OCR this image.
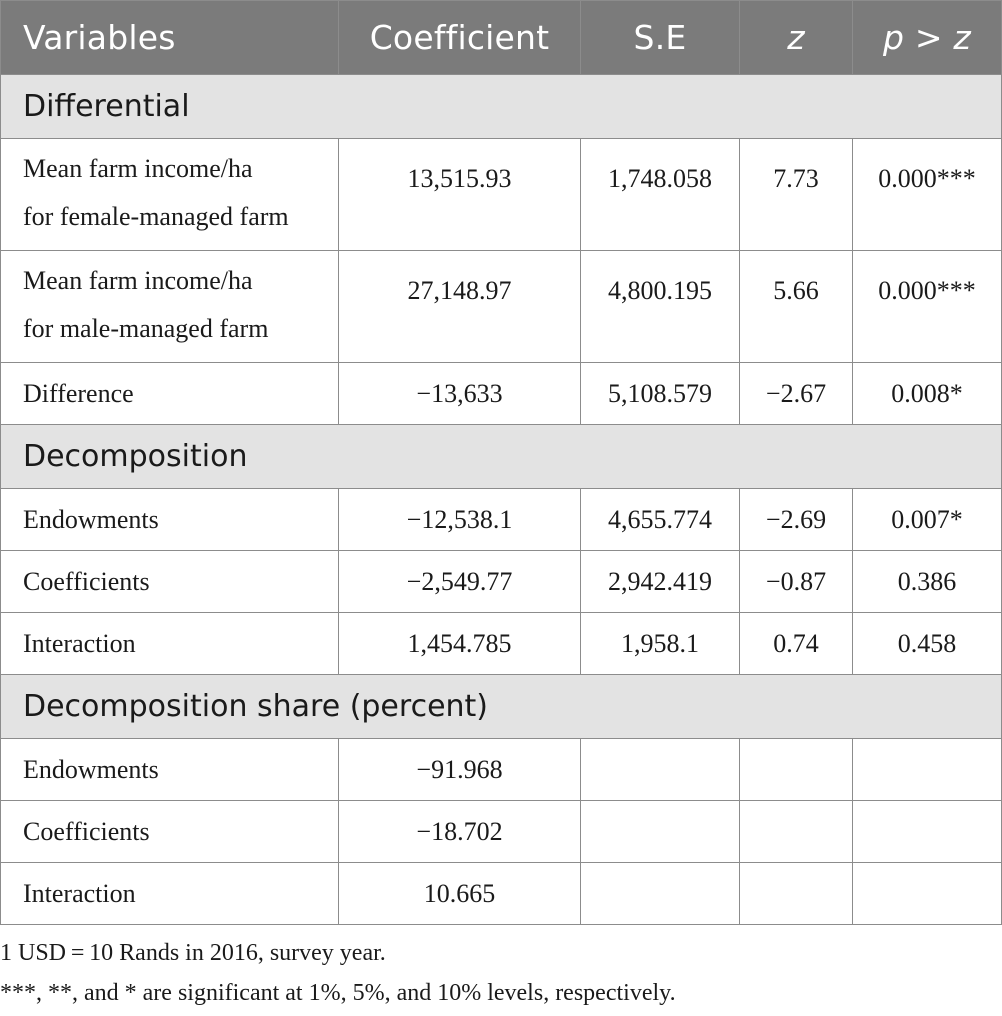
Variables	Coefficient	S.E	z	p > z
Differential				
Mean farm income/ha
for female-managed farm	13,515.93	1,748.058	7.73	0.000***
Mean farm income/ha
for male-managed farm	27,148.97	4,800.195	5.66	0.000***
Difference	−13,633	5,108.579	−2.67	0.008*
Decomposition				
Endowments	−12,538.1	4,655.774	−2.69	0.007*
Coefficients	−2,549.77	2,942.419	−0.87	0.386
Interaction	1,454.785	1,958.1	0.74	0.458
Decomposition share (percent)				
Endowments	−91.968			
Coefficients	−18.702			
Interaction	10.665			
1 USD = 10 Rands in 2016, survey year.
***, **, and * are significant at 1%, 5%, and 10% levels, respectively.
